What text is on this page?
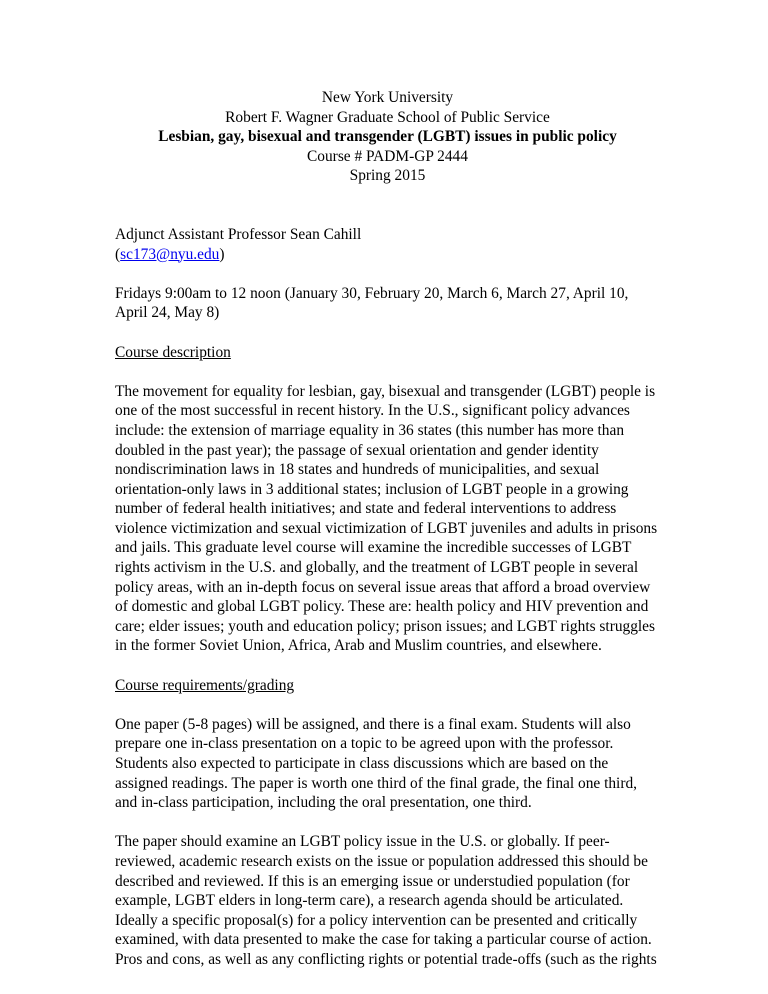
New York University
Robert F. Wagner Graduate School of Public Service
Lesbian, gay, bisexual and transgender (LGBT) issues in public policy
Course # PADM-GP 2444
Spring 2015
Adjunct Assistant Professor Sean Cahill
(sc173@nyu.edu)

Fridays 9:00am to 12 noon (January 30, February 20, March 6, March 27, April 10, April 24, May 8)

Course description

The movement for equality for lesbian, gay, bisexual and transgender (LGBT) people is one of the most successful in recent history. In the U.S., significant policy advances include: the extension of marriage equality in 36 states (this number has more than doubled in the past year); the passage of sexual orientation and gender identity nondiscrimination laws in 18 states and hundreds of municipalities, and sexual orientation-only laws in 3 additional states; inclusion of LGBT people in a growing number of federal health initiatives; and state and federal interventions to address violence victimization and sexual victimization of LGBT juveniles and adults in prisons and jails. This graduate level course will examine the incredible successes of LGBT rights activism in the U.S. and globally, and the treatment of LGBT people in several policy areas, with an in-depth focus on several issue areas that afford a broad overview of domestic and global LGBT policy. These are: health policy and HIV prevention and care; elder issues; youth and education policy; prison issues; and LGBT rights struggles in the former Soviet Union, Africa, Arab and Muslim countries, and elsewhere.

Course requirements/grading

One paper (5-8 pages) will be assigned, and there is a final exam. Students will also prepare one in-class presentation on a topic to be agreed upon with the professor. Students also expected to participate in class discussions which are based on the assigned readings. The paper is worth one third of the final grade, the final one third, and in-class participation, including the oral presentation, one third.

The paper should examine an LGBT policy issue in the U.S. or globally. If peer-reviewed, academic research exists on the issue or population addressed this should be described and reviewed. If this is an emerging issue or understudied population (for example, LGBT elders in long-term care), a research agenda should be articulated. Ideally a specific proposal(s) for a policy intervention can be presented and critically examined, with data presented to make the case for taking a particular course of action. Pros and cons, as well as any conflicting rights or potential trade-offs (such as the rights
